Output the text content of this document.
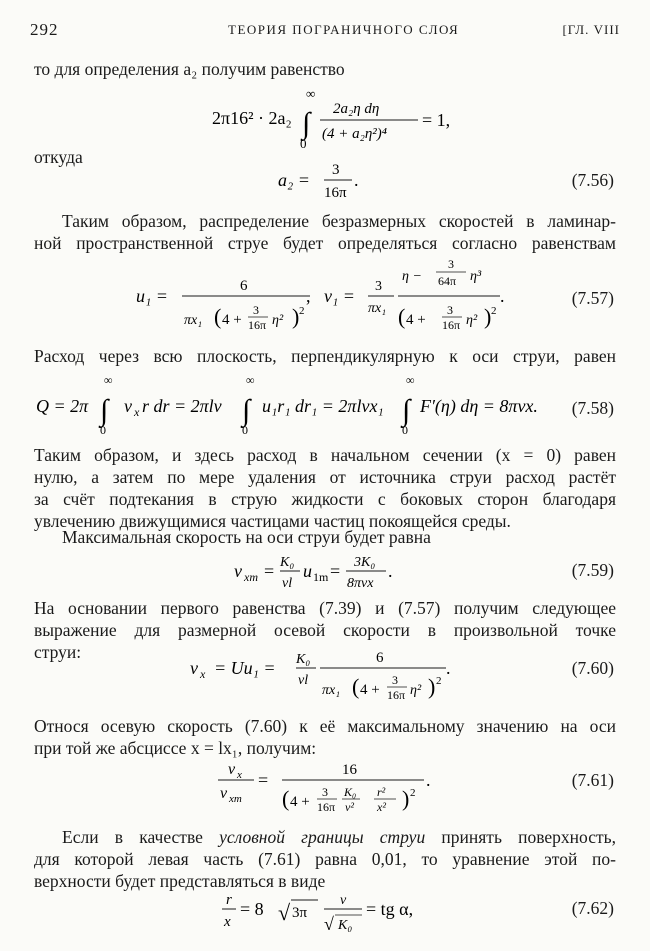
292	ТЕОРИЯ ПОГРАНИЧНОГО СЛОЯ	[ГЛ. VIII
то для определения a₂ получим равенство
2π16² · 2a₂
∞
∫
0
2a₂η dη
(4 + a₂η²)⁴
= 1,
откуда
a₂ = 3
16π
.	(7.56)
Таким образом, распределение безразмерных скоростей в ламинар-
ной пространственной струе будет определяться согласно равенствам
u₁ =	6
πx₁ ( 4 +
3
16π η² ) 2
, v₁ = 3
πx₁
η −
3
64π η³
( 4 +
3
16π η² ) 2
.	(7.57)
Расход через всю плоскость, перпендикулярную к оси струи, равен
Q = 2π
∞
∫
0
v x r dr = 2πlν
∞
∫
0
u₁r₁ dr₁ = 2πlνx₁
∞
∫
0
F′(η) dη = 8πνx. (7.58)
Таким образом, и здесь расход в начальном сечении (x = 0) равен
нулю, а затем по мере удаления от источника струи расход растёт
за счёт подтекания в струю жидкости с боковых сторон благодаря
увлечению движущимися частицами частиц покоящейся среды.
Максимальная скорость на оси струи будет равна
v xm = K₀
νl
u 1m = 3K₀
8πνx
.	(7.59)
На основании первого равенства (7.39) и (7.57) получим следующее
выражение для размерной осевой скорости в произвольной точке
струи:
v x = Uu₁ = K₀
νl
6
πx₁ ( 4 +
3
16π η² ) 2
.	(7.60)
Относя осевую скорость (7.60) к её максимальному значению на оси
при той же абсциссе x = lx₁, получим:
v x
v xm
=	16
( 4 +
3
16π
K₀
ν²
r²
x² ) 2
.	(7.61)
Если в качестве условной границы струи принять поверхность,
для которой левая часть (7.61) равна 0,01, то уравнение этой по-
верхности будет представляться в виде
r
x
= 8 √ 3π
ν
√ K₀
= tg α,	(7.62)
